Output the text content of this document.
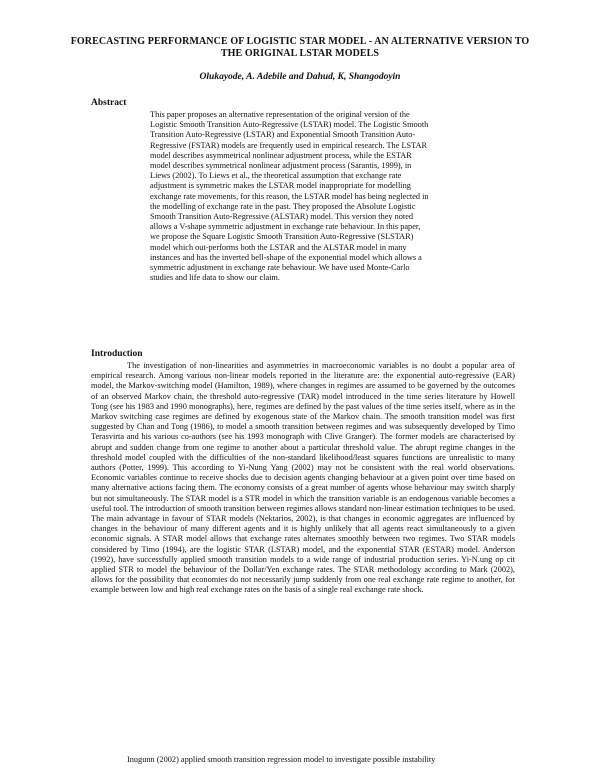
FORECASTING PERFORMANCE OF LOGISTIC STAR MODEL - AN ALTERNATIVE VERSION TO THE ORIGINAL LSTAR MODELS
Olukayode, A. Adebile and Dahud, K, Shangodoyin
Abstract
This paper proposes an alternative representation of the original version of the Logistic Smooth Transition Auto-Regressive (LSTAR) model. The Logistic Smooth Transition Auto-Regressive (LSTAR) and Exponential Smooth Transition Auto-Regressive (FSTAR) models are frequently used in empirical research. The LSTAR model describes asymmetrical nonlinear adjustment process, while the ESTAR model describes symmetrical nonlinear adjustment process (Sarantis, 1999), in Liews (2002). To Liews et al., the theoretical assumption that exchange rate adjustment is symmetric makes the LSTAR model inappropriate for modelling exchange rate movements, for this reason, the LSTAR model has being neglected in the modelling of exchange rate in the past. They proposed the Absolute Logistic Smooth Transition Auto-Regressive (ALSTAR) model. This version they noted allows a V-shape symmetric adjustment in exchange rate behaviour. In this paper, we propose the Square Logistic Smooth Transition Auto-Regressive (SLSTAR) model which out-performs both the LSTAR and the ALSTAR model in many instances and has the inverted bell-shape of the exponential model which allows a symmetric adjustment in exchange rate behaviour. We have used Monte-Carlo studies and life data to show our claim.
Introduction

The investigation of non-linearities and asymmetries in macroeconomic variables is no doubt a popular area of empirical research. Among various non-linear models reported in the literature are: the exponential auto-regressive (EAR) model, the Markov-switching model (Hamilton, 1989), where changes in regimes are assumed to be governed by the outcomes of an observed Markov chain, the threshold auto-regressive (TAR) model introduced in the time series literature by Howell Tong (see his 1983 and 1990 monographs), here, regimes are defined by the past values of the time series itself, where as in the Markov switching case regimes are defined by exogenous state of the Markov chain. The smooth transition model was first suggested by Chan and Tong (1986), to model a smooth transition between regimes and was subsequently developed by Timo Terasvirta and his various co-authors (see his 1993 monograph with Clive Granger). The former models are characterised by abrupt and sudden change from one regime to another about a particular threshold value. The abrupt regime changes in the threshold model coupled with the difficulties of the non-standard likelihood/least squares functions are unrealistic to many authors (Potter, 1999). This according to Yi-Nung Yang (2002) may not be consistent with the real world observations. Economic variables continue to receive shocks due to decision agents changing behaviour at a given point over time based on many alternative actions facing them. The economy consists of a great number of agents whose behaviour may switch sharply but not simultaneously. The STAR model is a STR model in which the transition variable is an endogenous variable becomes a useful tool. The introduction of smooth transition between regimes allows standard non-linear estimation techniques to be used. The main advantage in favour of STAR models (Nektarios, 2002), is that changes in economic aggregates are influenced by changes in the behaviour of many different agents and it is highly unlikely that all agents react simultaneously to a given economic signals. A STAR model allows that exchange rates alternates smoothly between two regimes. Two STAR models considered by Timo (1994), are the logistic STAR (LSTAR) model, and the exponential STAR (ESTAR) model. Anderson (1992), have successfully applied smooth transition models to a wide range of industrial production series. Yi-N.ung op cit applied STR to model the behaviour of the Dollar/Yen exchange rates. The STAR methodology according to Mark (2002), allows for the possibility that economies do not necessarily jump suddenly from one real exchange rate regime to another, for example between low and high real exchange rates on the basis of a single real exchange rate shock.

Inugunn (2002) applied smooth transition regression model to investigate possible instability
